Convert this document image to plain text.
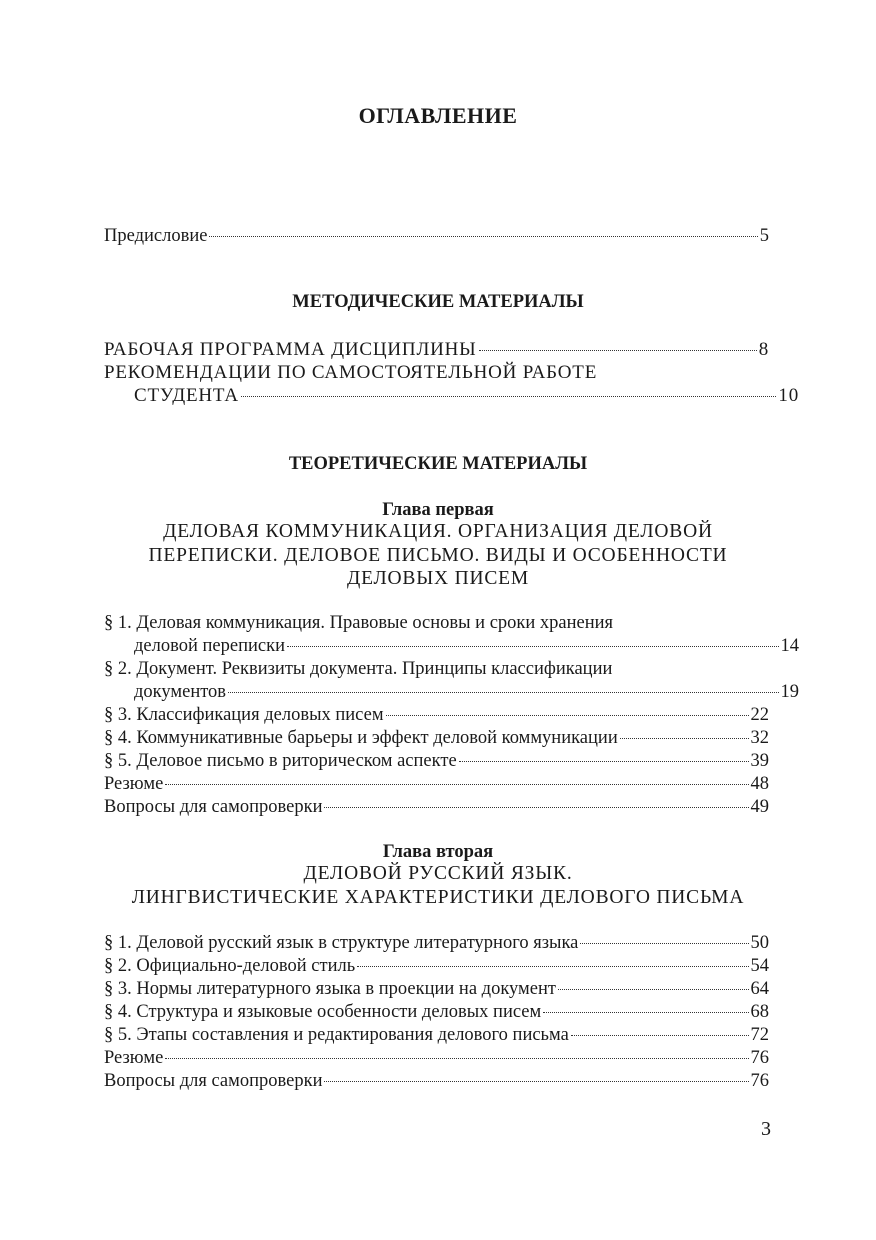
ОГЛАВЛЕНИЕ
Предисловие	5
МЕТОДИЧЕСКИЕ МАТЕРИАЛЫ
РАБОЧАЯ ПРОГРАММА ДИСЦИПЛИНЫ	8
РЕКОМЕНДАЦИИ ПО САМОСТОЯТЕЛЬНОЙ РАБОТЕ
СТУДЕНТА	10
ТЕОРЕТИЧЕСКИЕ МАТЕРИАЛЫ
Глава первая
ДЕЛОВАЯ КОММУНИКАЦИЯ. ОРГАНИЗАЦИЯ ДЕЛОВОЙ
ПЕРЕПИСКИ. ДЕЛОВОЕ ПИСЬМО. ВИДЫ И ОСОБЕННОСТИ
ДЕЛОВЫХ ПИСЕМ
§ 1. Деловая коммуникация. Правовые основы и сроки хранения
деловой переписки	14
§ 2. Документ. Реквизиты документа. Принципы классификации
документов	19
§ 3. Классификация деловых писем	22
§ 4. Коммуникативные барьеры и эффект деловой коммуникации	32
§ 5. Деловое письмо в риторическом аспекте	39
Резюме	48
Вопросы для самопроверки	49
Глава вторая
ДЕЛОВОЙ РУССКИЙ ЯЗЫК.
ЛИНГВИСТИЧЕСКИЕ ХАРАКТЕРИСТИКИ ДЕЛОВОГО ПИСЬМА
§ 1. Деловой русский язык в структуре литературного языка	50
§ 2. Официально-деловой стиль	54
§ 3. Нормы литературного языка в проекции на документ	64
§ 4. Структура и языковые особенности деловых писем	68
§ 5. Этапы составления и редактирования делового письма	72
Резюме	76
Вопросы для самопроверки	76
3
